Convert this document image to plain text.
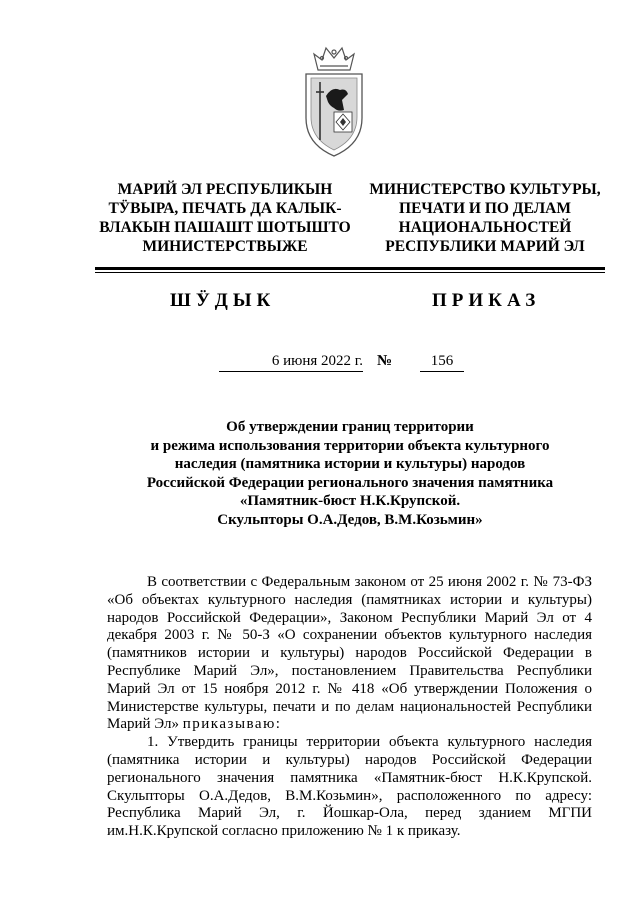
МАРИЙ ЭЛ РЕСПУБЛИКЫН
ТӰВЫРА, ПЕЧАТЬ ДА КАЛЫК-
ВЛАКЫН ПАШАШТ ШОТЫШТО
МИНИСТЕРСТВЫЖЕ
МИНИСТЕРСТВО КУЛЬТУРЫ,
ПЕЧАТИ И ПО ДЕЛАМ
НАЦИОНАЛЬНОСТЕЙ
РЕСПУБЛИКИ МАРИЙ ЭЛ
ШӰДЫК	ПРИКАЗ
6 июня 2022 г. №	156
Об утверждении границ территории
и режима использования территории объекта культурного
наследия (памятника истории и культуры) народов
Российской Федерации регионального значения памятника
«Памятник-бюст Н.К.Крупской.
Скульпторы О.А.Дедов, В.М.Козьмин»

В соответствии с Федеральным законом от 25 июня 2002 г. № 73-ФЗ «Об объектах культурного наследия (памятниках истории и культуры) народов Российской Федерации», Законом Республики Марий Эл от 4 декабря 2003 г. № 50-З «О сохранении объектов культурного наследия (памятников истории и культуры) народов Российской Федерации в Республике Марий Эл», постановлением Правительства Республики Марий Эл от 15 ноября 2012 г. № 418 «Об утверждении Положения о Министерстве культуры, печати и по делам национальностей Республики Марий Эл» приказываю:

1. Утвердить границы территории объекта культурного наследия (памятника истории и культуры) народов Российской Федерации регионального значения памятника «Памятник-бюст Н.К.Крупской. Скульпторы О.А.Дедов, В.М.Козьмин», расположенного по адресу: Республика Марий Эл, г. Йошкар-Ола, перед зданием МГПИ им.Н.К.Крупской согласно приложению № 1 к приказу.
